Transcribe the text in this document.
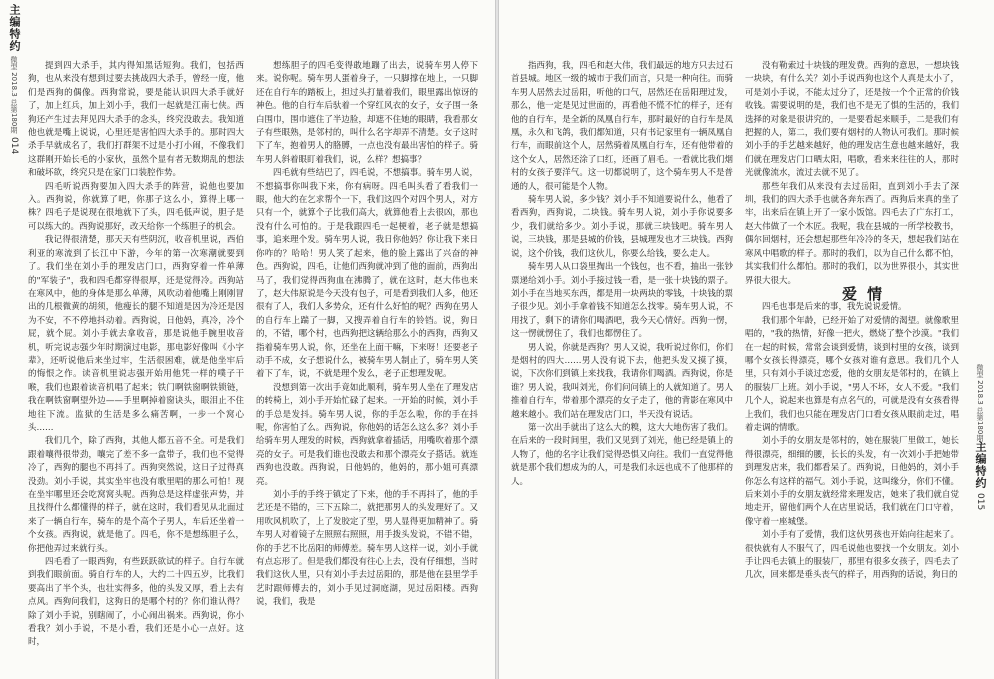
主编特约
微型 2018.3 总第180期
014

提到四大杀手，其内得知黑话短狗。我们，包括西狗，也从来没有想到过要去挑战四大杀手，曾经一度，他们是西狗的偶像。西狗常说，要是能认识四大杀手就好了，加上红兵，加上刘小手，我们一起就是江南七侠。西狗还产生过去拜见四大杀手的念头，终究没敢去。我知道他也就是嘴上说说，心里还是害怕四大杀手的。那时四大杀手早就成名了，我们打群架不过是小打小闹，不像我们这群刚开始长毛的小家伙，虽然个显有者无数期乱的想法和破坏欲，终究只是在家门口装腔作势。

四毛听说西狗要加入四大杀手的阵营，说他也要加入。西狗说，你就算了吧，你那子这么小，算得上哪一株？四毛子是说现在很地就下了头，四毛低声说，胆子是可以练大的。西狗说那好，改天给你一个练胆子的机会。

我记得很清楚，那天天有些阴沉，收音机里说，西伯利亚的寒流到了长江中下游，今年的第一次寒潮就要到了。我们坐在刘小手的理发店门口，西狗穿着一件单薄的"军装子"，我和四毛都穿得很厚，还是觉得冷。西狗站在寒风中，他的身体是那么单薄，风吹动着他嘴上刚刚冒出的几根微黄的胡须，他瘦长的腿不知道是因为冷还是因为不安，不不停地抖动着。西狗说，日他妈，真冷，冷个屁，就个屁。刘小手就去拿收音，那是说他手腕里收音机，听完说志强少年时期演过电影，那电影好像叫《小字辈》，还听说他后来坐过牢，生活很困难，就是他坐牢后的悔恨之作。读音机里说志强开始用他凭一样的噗子干喉，我们也跟着读音机唱了起来；铁门啊铁窗啊铁锁链，我在啊铁窗啊望外边——手里啊掉着窗诀头，眼泪止不住地往下流。监狱的生活是多么痛苦啊，一步一个窝心头……

我们几个，除了西狗，其他人都五音不全。可是我们跟着嚷得很带劲，嚷完了差不多一盒带子，我们也不觉得冷了，西狗的腿也不再抖了。西狗突然说，这日子过得真没劲。刘小手说，其实坐牢也没有歌里唱的那么可怕！现在坐牢哪里还会吃窝窝头呢。西狗总是这样虚张声势，并且找得什么都懂得的样子，就在这时，我们看见从北面过来了一辆自行车，骑车的是个高个子男人，车后还坐着一个女孩。西狗说，就是他了。四毛，你不是想练胆子么，你把他弄过来就行头。

四毛看了一眼西狗，有些跃跃欲试的样子。自行车就到我们眼前面。骑自行车的人，大约二十四五岁，比我们要高出了半个头，也壮实得多，他的头发又厚，看上去有点风。西狗问我们，这狗日的是哪个村的？你们谁认得？除了刘小手说，别瞎闹了，小心闹出祸来。西狗说，你小看我？刘小手说，不是小看，我们还是小心一点好。这时，

想练胆子的四毛变得敢地蹦了出去，说骑车男人停下来。说你呢。骑车男人蛋着身子，一只脚撑在地上，一只脚还在自行车的踏板上，担过头打量着我们，眼里露出惊讶的神色。他的自行车后驮着一个穿红风衣的女子，女子围一条白围巾，围巾遮住了半边脸，却遮不住她的眼睛，我看那女子有些眼熟，是邻村的，叫什么名字却弄不清楚。女子这时下了车，抱着男人的胳膊，一点也没有最出害怕的样子。骑车男人斜着眼盯着我们，说，么样？想搞事？

四毛就有些结巴了，四毛说，不想搞事。骑车男人说，不想搞事你叫我下来，你有病呀。四毛叫头看了看我们一眼，他大约在乞求帮个一下，我们这四个对四个男人，对方只有一个，就算个子比我们高大，就算他看上去很凶，那也没有什么可怕的。于是我跟四毛一起梗着，老子就是想搞事，追来理个发。骑车男人说，我日你他妈？你让我下来日你咋的？哈哈！男人笑了起来，他的脸上露出了兴奋的神色。西狗说，四毛，让他们西狗就冲到了他的面前，西狗出马了，我们觉得西狗血在沸腾了，就在这时，赵大伟也来了，赵大伟原说是今天没有包子，可是看到我们人多，他还很有了人，我们人多势众，还有什么好怕的呢？西狗在男人的自行车上踹了一脚，又搜弄着自行车的铃铛。说，狗日的，不错，哪个村，也西狗把这辆给那么小的西狗，西狗又指着骑车男人说，你，还坐在上面干嘛，下来呀！还要老子动手不成，女子想说什么，被骑车男人制止了，骑车男人笑着下了车，说，不就是理个发么，老子正想理发呢。

没想到第一次出手竟如此顺利，骑车男人坐在了理发店的转椅上，刘小手开始忙碌了起来。一开始的时候，刘小手的手总是发抖。骑车男人说，你的手怎么啦，你的手在抖呢，你害怕了么。西狗说，你他妈的话怎么这么多？刘小手给骑车男人理发的时候，西狗就拿着插话，用嘴吹着那个漂亮的女子。可是我们谁也没敢去和那个漂亮女子搭话。就连西狗也没敢。西狗说，日他妈的，他妈的，那小姐可真漂亮。

刘小手的手终于镇定了下来，他的手不再抖了，他的手艺还是不错的，三下五除二，就把那男人的头发理好了。又用吹风机吹了，上了发胶定了型，男人显得更加精神了。骑车男人对着镜子左照照右照照，用手拨头发说，不错不错，你的手艺不比岳阳的师傅差。骑车男人这样一说，刘小手就有点忘形了。但是我们都没有往心上去，没有仔细想，当时我们这伙人里，只有刘小手去过岳阳的，那是他在县里学手艺时跟师傅去的，刘小手见过洞庭湖，见过岳阳楼。西狗说，我们，我是

指西狗，我，四毛和赵大伟，我们最远的地方只去过石首县城。地区一级的城市于我们而言，只是一种向往。而骑车男人居然去过岳阳，听他的口气，居然还在岳阳理过发，那么，他一定是见过世面的，再看他不慌不忙的样子，还有他的自行车，是全新的凤凰自行车，那时最好的自行车是凤凰，永久和飞鸽，我们都知道，只有书记家里有一辆凤凰自行车，而眼前这个人，居然骑着凤凰自行车，还有他带着的这个女人，居然还涂了口红，还画了眉毛。一看就比我们烟村的女孩子要洋气。这一切都说明了，这个骑车男人不是普通的人，很可能是个人物。

骑车男人说，多少钱？刘小手不知道要说什么，他看了看西狗，西狗说，二块钱。骑车男人说，刘小手你说要多少，我们就给多少。刘小手说，那就三块钱吧。骑车男人说，三块钱，那是县城的价钱，县城理发也才三块钱。西狗说，这个价钱，我们这伙儿，你要么给钱，要么走人。

骑车男人从口袋里掏出一个钱包，也不看，抽出一张钞票递给刘小手。刘小手接过钱一看，是一张十块钱的票子。刘小手在当地买东西，都是用一块两块的零钱，十块钱的票子很少见。刘小手拿着钱不知道怎么找零。骑车男人说，不用找了，剩下的请你们喝酒吧，我今天心情好。西狗一愣，这一愣就愣住了，我们也都愣住了。

男人说，你就是西狗？男人又说，我听说过你们，你们是烟村的四大……男人没有说下去，他把头发又摸了摸，说，下次你们到镇上来找我，我请你们喝酒。西狗说，你是谁？男人说，我叫刘光，你们问问镇上的人就知道了。男人推着自行车，带着那个漂亮的女子走了，他的背影在寒风中越来越小。我们站在理发店门口，半天没有说话。

第一次出手就出了这么大的糗，这大大地伤害了我们。在后来的一段时间里，我们又见到了刘光，他已经是镇上的人物了，他的名字让我们觉得恐惧又向往。我们一直觉得他就是那个我们想成为的人，可是我们永远也成不了他那样的人。

没有勒索过十块钱的理发费。西狗的意思，一想块钱一块块，有什么关？刘小手说西狗也这个人真是太小了，可是刘小手说，不能太过分了，还是按一个个正常的价钱收钱。需要说明的是，我们也不是无了惧的生活的，我们选择的对象是很讲究的，一是要看起来顺手，二是我们有把握的人，第二，我们要有烟村的人物认可我们。那时候刘小手的手艺越来越好，他的理发店生意也越来越好，我们就在理发店门口晒太阳，唱歌，看来来往往的人，那时光就像流水，流过去就不见了。

那些年我们从来没有去过岳阳，直到刘小手去了深圳，我们的四大杀手也就各奔东西了。西狗后来真的坐了牢，出来后在镇上开了一家小饭馆。四毛去了广东打工，赵大伟做了一个木匠。我呢，我在县城的一所学校教书，偶尔回烟村，还会想起那些年冷冷的冬天，想起我们站在寒风中唱歌的样子。那时的我们，以为自己什么都不怕，其实我们什么都怕。那时的我们，以为世界很小，其实世界很大很大。

爱情

四毛也事是后来的事，我先说说爱情。

我们那个年龄，已经开始了对爱情的渴望。就像歌里唱的，"我的热情，好像一把火，燃烧了整个沙漠。"我们在一起的时候，常常会谈到爱情，谈到村里的女孩，谈到哪个女孩长得漂亮，哪个女孩对谁有意思。我们几个人里，只有刘小手谈过恋爱，他的女朋友是邻村的，在镇上的服装厂上班。刘小手说，"男人不坏，女人不爱。"我们几个人，说起来也算是有点名气的，可就是没有女孩看得上我们，我们也只能在理发店门口看女孩从眼前走过，唱着走调的情歌。

刘小手的女朋友是邻村的，她在服装厂里做工，她长得很漂亮，细细的腰，长长的头发，有一次刘小手把她带到理发店来，我们都看呆了。西狗说，日他妈的，刘小手你怎么有这样的福气。刘小手说，这叫缘分，你们不懂。后来刘小手的女朋友就经常来理发店，她来了我们就自觉地走开，留他们两个人在店里说话，我们就在门口守着，像守着一座城堡。

刘小手有了爱情，我们这伙男孩也开始向往起来了。很快就有人不服气了，四毛说他也要找一个女朋友。刘小手让四毛去镇上的服装厂，那里有很多女孩子，四毛去了几次，回来都是垂头丧气的样子，用西狗的话说，狗日的

微型 2018.3 总第180期
主编特约
015
